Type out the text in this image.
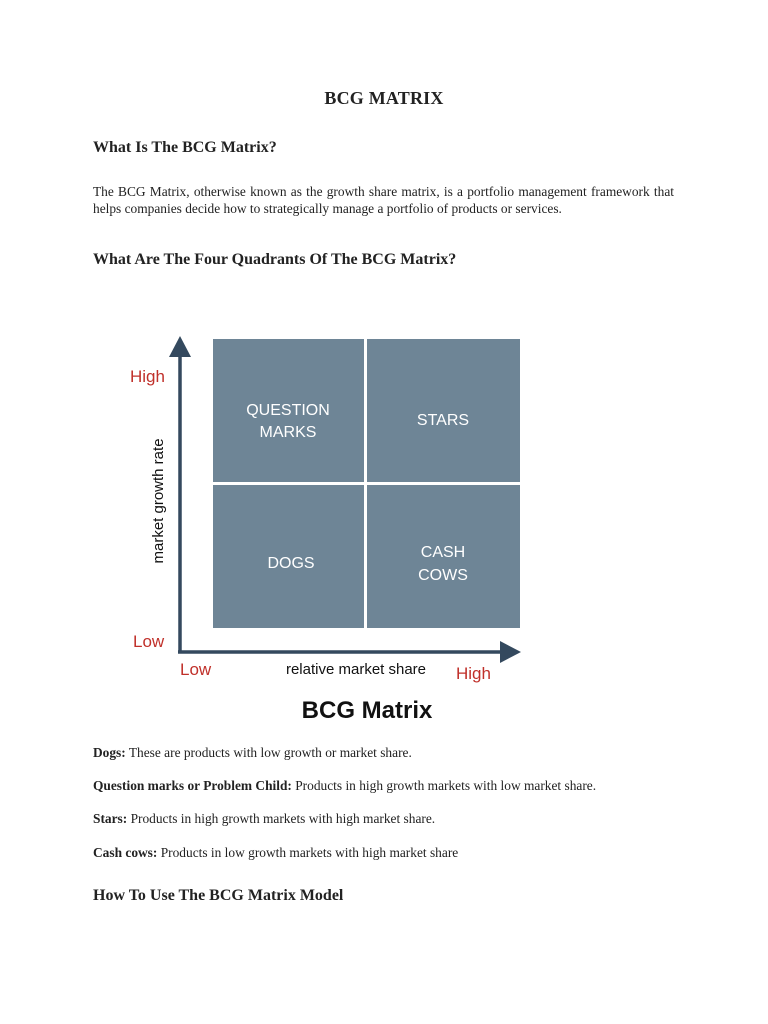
BCG MATRIX
What Is The BCG Matrix?
The BCG Matrix, otherwise known as the growth share matrix, is a portfolio management framework that helps companies decide how to strategically manage a portfolio of products or services.
What Are The Four Quadrants Of The BCG Matrix?
QUESTION
MARKS
STARS
DOGS
CASH
COWS
High
Low
Low	High
market growth rate
relative market share
BCG Matrix
Dogs: These are products with low growth or market share.
Question marks or Problem Child: Products in high growth markets with low market share.
Stars: Products in high growth markets with high market share.
Cash cows: Products in low growth markets with high market share
How To Use The BCG Matrix Model
